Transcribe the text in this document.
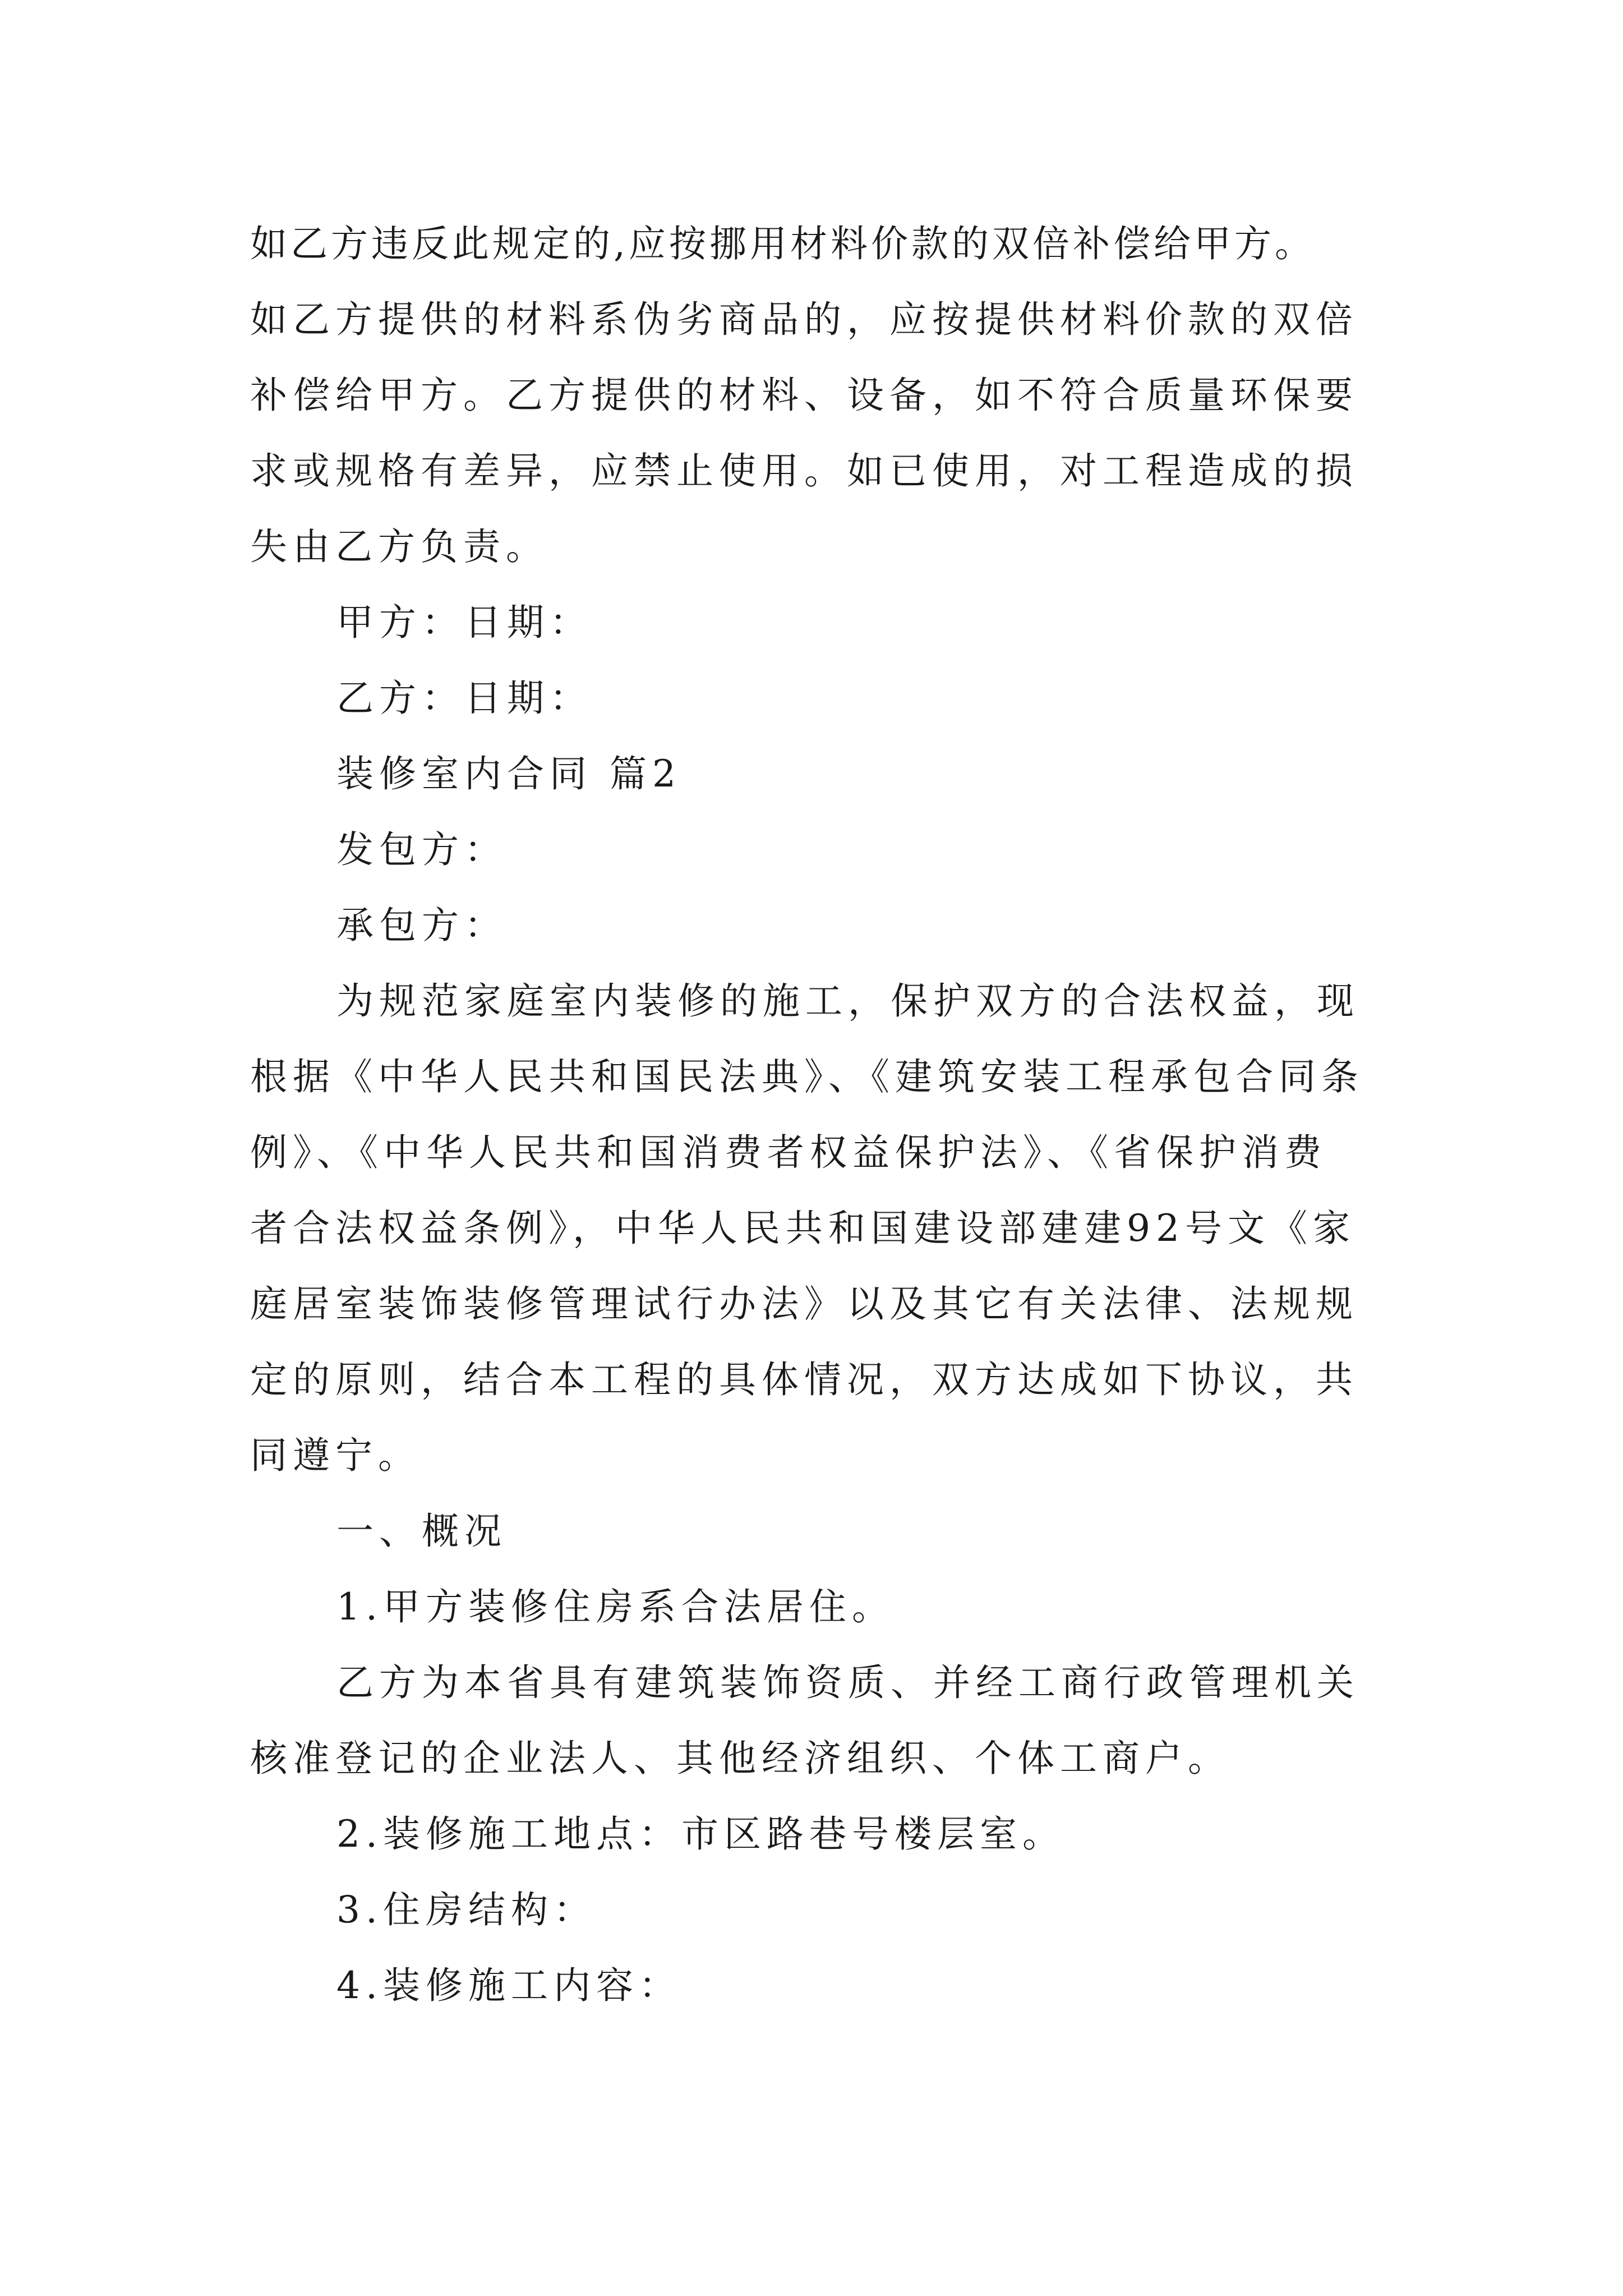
如乙方违反此规定的,应按挪用材料价款的双倍补偿给甲方。
如乙方提供的材料系伪劣商品的，应按提供材料价款的双倍
补偿给甲方。乙方提供的材料、设备，如不符合质量环保要
求或规格有差异，应禁止使用。如已使用，对工程造成的损
失由乙方负责。
甲方：日期：
乙方：日期：
装修室内合同 篇2
发包方：
承包方：
为规范家庭室内装修的施工，保护双方的合法权益，现
根据《中华人民共和国民法典》、《建筑安装工程承包合同条
例》、《中华人民共和国消费者权益保护法》、《省保护消费
者合法权益条例》，中华人民共和国建设部建建92号文《家
庭居室装饰装修管理试行办法》以及其它有关法律、法规规
定的原则，结合本工程的具体情况，双方达成如下协议，共
同遵宁。
一、概况
1.甲方装修住房系合法居住。
乙方为本省具有建筑装饰资质、并经工商行政管理机关
核准登记的企业法人、其他经济组织、个体工商户。
2.装修施工地点：市区路巷号楼层室。
3.住房结构：
4.装修施工内容：
